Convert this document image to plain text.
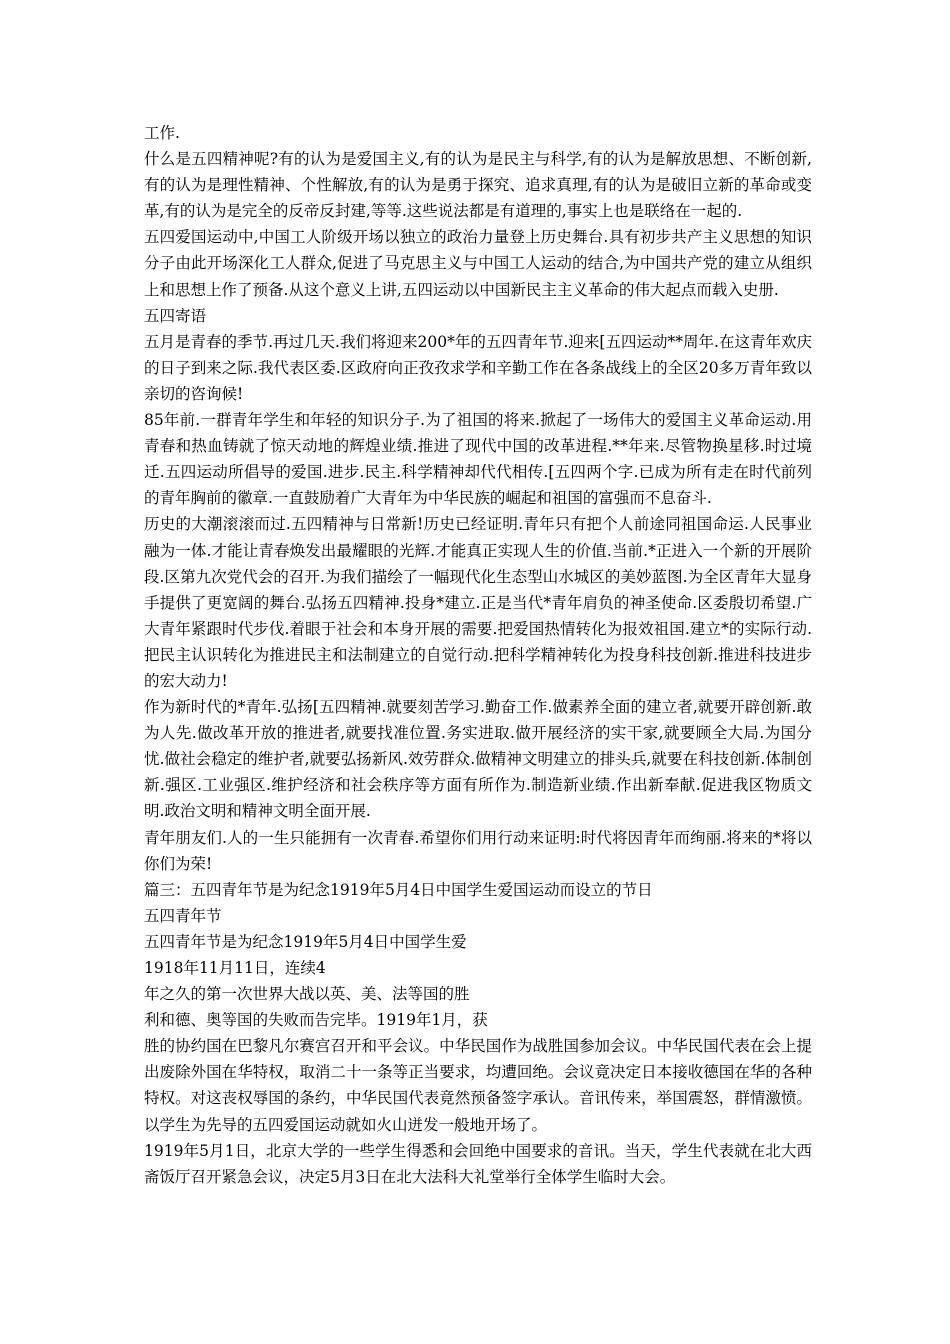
工作.

什么是五四精神呢?有的认为是爱国主义,有的认为是民主与科学,有的认为是解放思想、不断创新,有的认为是理性精神、个性解放,有的认为是勇于探究、追求真理,有的认为是破旧立新的革命或变革,有的认为是完全的反帝反封建,等等.这些说法都是有道理的,事实上也是联络在一起的.

五四爱国运动中,中国工人阶级开场以独立的政治力量登上历史舞台.具有初步共产主义思想的知识分子由此开场深化工人群众,促进了马克思主义与中国工人运动的结合,为中国共产党的建立从组织上和思想上作了预备.从这个意义上讲,五四运动以中国新民主主义革命的伟大起点而载入史册.

五四寄语

五月是青春的季节.再过几天.我们将迎来200*年的五四青年节.迎来[五四运动**周年.在这青年欢庆的日子到来之际.我代表区委.区政府向正孜孜求学和辛勤工作在各条战线上的全区20多万青年致以亲切的咨询候!

85年前.一群青年学生和年轻的知识分子.为了祖国的将来.掀起了一场伟大的爱国主义革命运动.用青春和热血铸就了惊天动地的辉煌业绩.推进了现代中国的改革进程.**年来.尽管物换星移.时过境迁.五四运动所倡导的爱国.进步.民主.科学精神却代代相传.[五四两个字.已成为所有走在时代前列的青年胸前的徽章.一直鼓励着广大青年为中华民族的崛起和祖国的富强而不息奋斗.

历史的大潮滚滚而过.五四精神与日常新!历史已经证明.青年只有把个人前途同祖国命运.人民事业融为一体.才能让青春焕发出最耀眼的光辉.才能真正实现人生的价值.当前.*正进入一个新的开展阶段.区第九次党代会的召开.为我们描绘了一幅现代化生态型山水城区的美妙蓝图.为全区青年大显身手提供了更宽阔的舞台.弘扬五四精神.投身*建立.正是当代*青年肩负的神圣使命.区委殷切希望.广大青年紧跟时代步伐.着眼于社会和本身开展的需要.把爱国热情转化为报效祖国.建立*的实际行动.把民主认识转化为推进民主和法制建立的自觉行动.把科学精神转化为投身科技创新.推进科技进步的宏大动力!

作为新时代的*青年.弘扬[五四精神.就要刻苦学习.勤奋工作.做素养全面的建立者,就要开辟创新.敢为人先.做改革开放的推进者,就要找准位置.务实进取.做开展经济的实干家,就要顾全大局.为国分忧.做社会稳定的维护者,就要弘扬新风.效劳群众.做精神文明建立的排头兵,就要在科技创新.体制创新.强区.工业强区.维护经济和社会秩序等方面有所作为.制造新业绩.作出新奉献.促进我区物质文明.政治文明和精神文明全面开展.

青年朋友们.人的一生只能拥有一次青春.希望你们用行动来证明:时代将因青年而绚丽.将来的*将以你们为荣!

篇三：五四青年节是为纪念1919年5月4日中国学生爱国运动而设立的节日

五四青年节

五四青年节是为纪念1919年5月4日中国学生爱

1918年11月11日，连续4

年之久的第一次世界大战以英、美、法等国的胜

利和德、奥等国的失败而告完毕。1919年1月，获

胜的协约国在巴黎凡尔赛宫召开和平会议。中华民国作为战胜国参加会议。中华民国代表在会上提出废除外国在华特权，取消二十一条等正当要求，均遭回绝。会议竟决定日本接收德国在华的各种特权。对这丧权辱国的条约，中华民国代表竟然预备签字承认。音讯传来，举国震怒，群情激愤。以学生为先导的五四爱国运动就如火山迸发一般地开场了。

1919年5月1日，北京大学的一些学生得悉和会回绝中国要求的音讯。当天，学生代表就在北大西斋饭厅召开紧急会议，决定5月3日在北大法科大礼堂举行全体学生临时大会。
